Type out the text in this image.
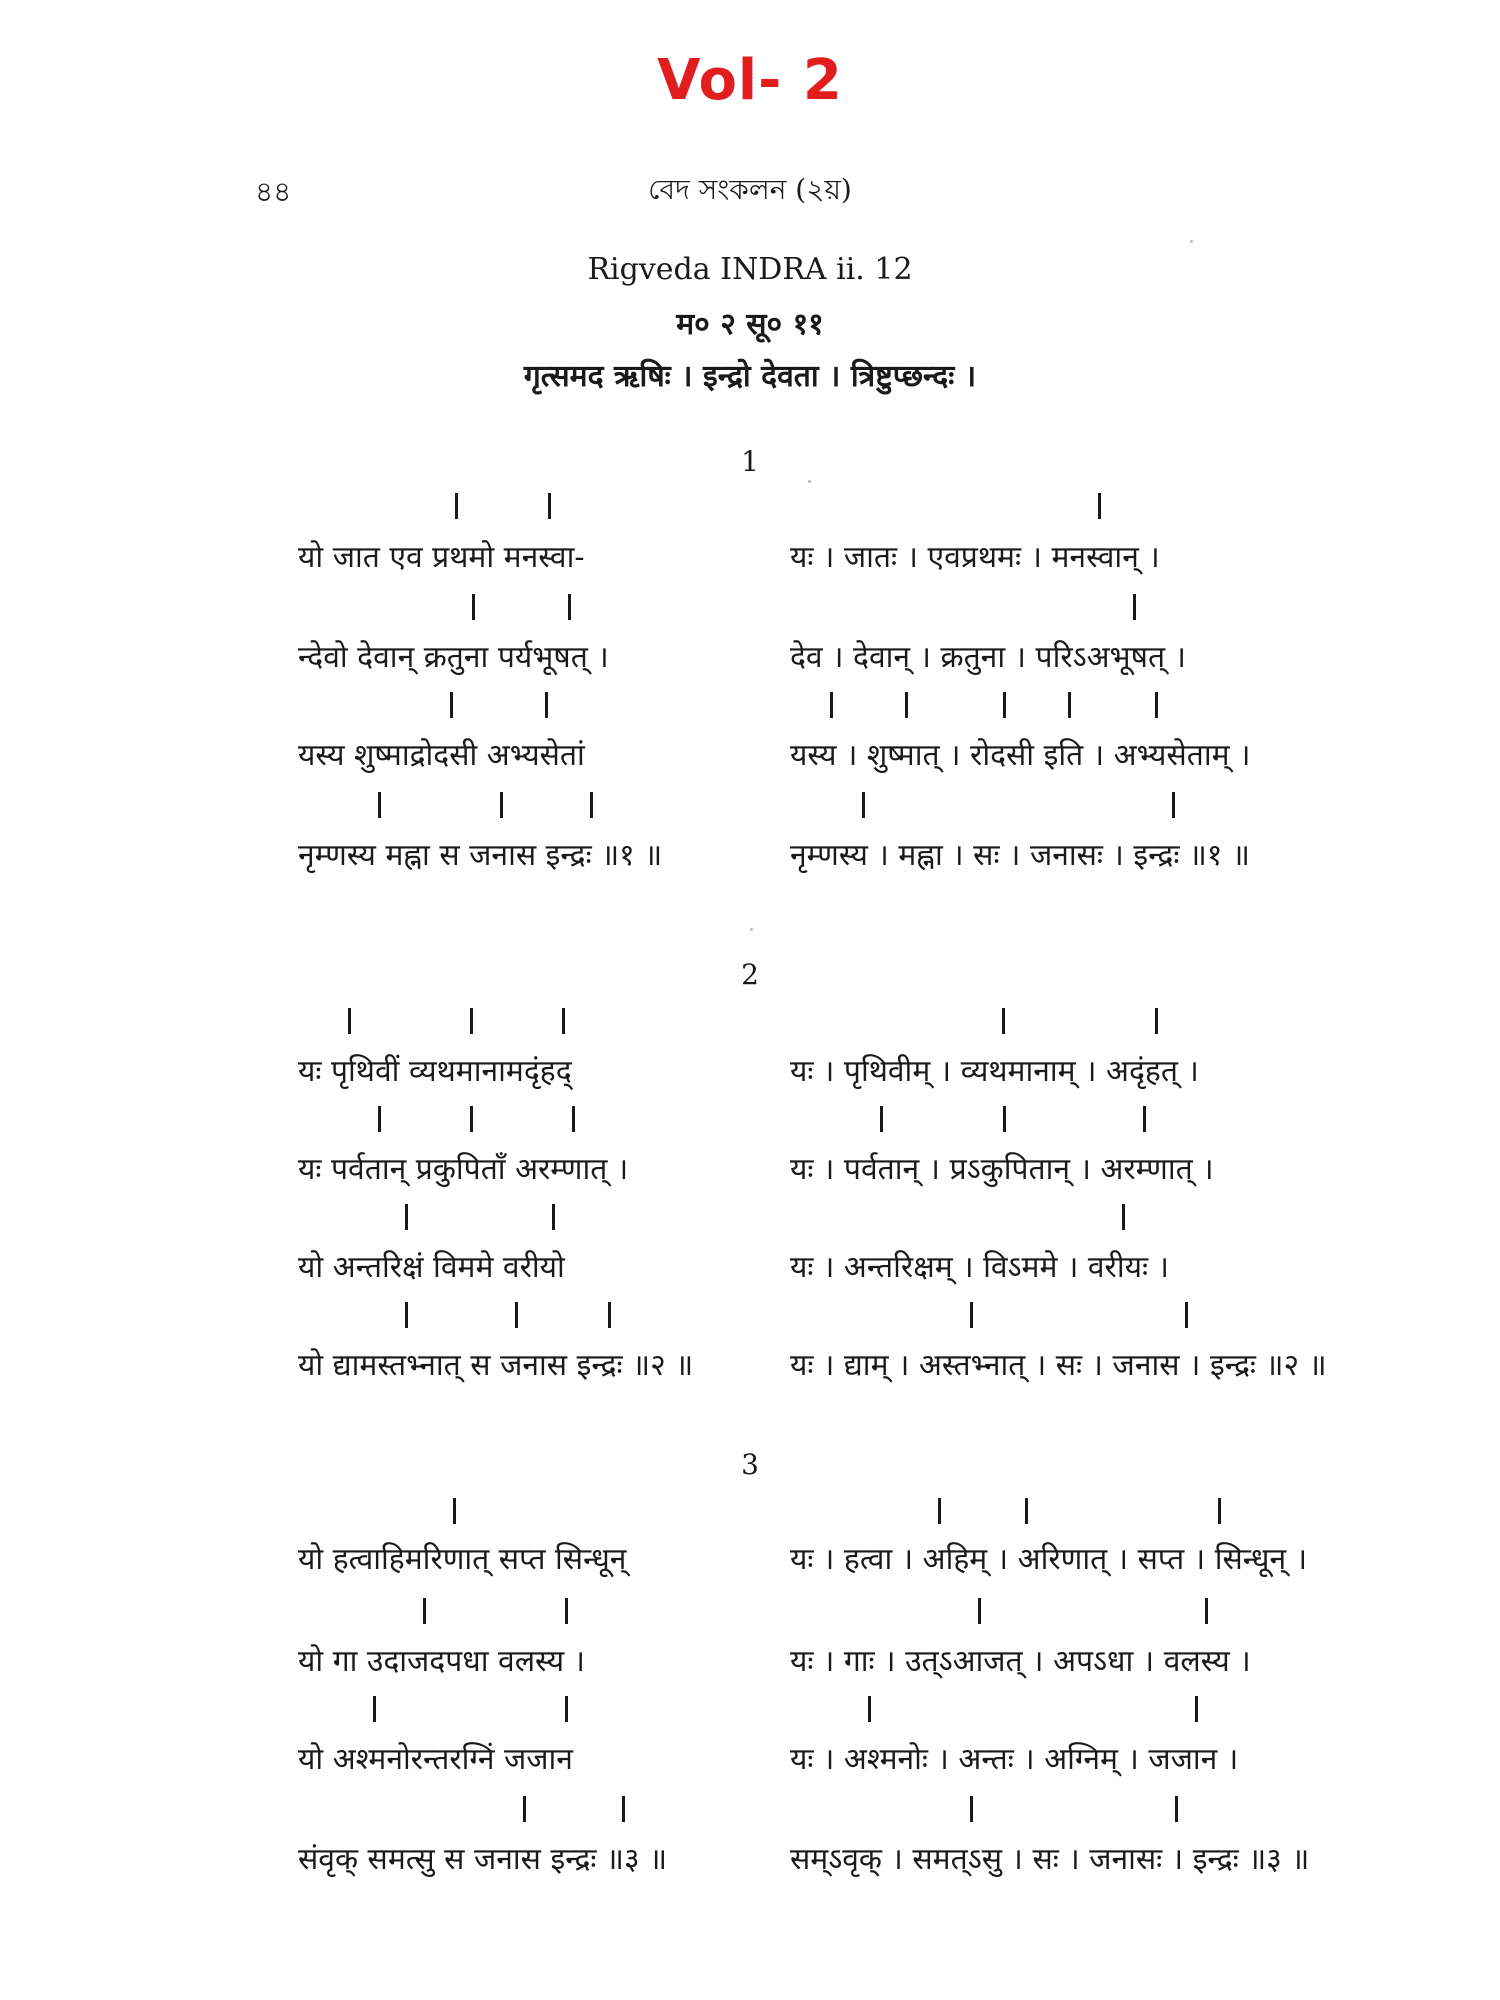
Vol- 2
৪৪	বেদ সংকলন (২য়)
Rigveda INDRA ii. 12
म० २ सू० ११
गृत्समद ऋषिः । इन्द्रो देवता । त्रिष्टुप्छन्दः ।
1
यो जात एव प्रथमो मनस्वा-
न्देवो देवान् क्रतुना पर्यभूषत् ।
यस्य शुष्माद्रोदसी अभ्यसेतां
नृम्णस्य मह्ना स जनास इन्द्रः ॥१ ॥
यः । जातः । एवप्रथमः । मनस्वान् ।
देव । देवान् । क्रतुना । परिऽअभूषत् ।
यस्य । शुष्मात् । रोदसी इति । अभ्यसेताम् ।
नृम्णस्य । मह्ना । सः । जनासः । इन्द्रः ॥१ ॥
2
यः पृथिवीं व्यथमानामदृंहद्
यः पर्वतान् प्रकुपिताँ अरम्णात् ।
यो अन्तरिक्षं विममे वरीयो
यो द्यामस्तभ्नात् स जनास इन्द्रः ॥२ ॥
यः । पृथिवीम् । व्यथमानाम् । अदृंहत् ।
यः । पर्वतान् । प्रऽकुपितान् । अरम्णात् ।
यः । अन्तरिक्षम् । विऽममे । वरीयः ।
यः । द्याम् । अस्तभ्नात् । सः । जनास । इन्द्रः ॥२ ॥
3
यो हत्वाहिमरिणात् सप्त सिन्धून्
यो गा उदाजदपधा वलस्य ।
यो अश्मनोरन्तरग्निं जजान
संवृक् समत्सु स जनास इन्द्रः ॥३ ॥
यः । हत्वा । अहिम् । अरिणात् । सप्त । सिन्धून् ।
यः । गाः । उत्ऽआजत् । अपऽधा । वलस्य ।
यः । अश्मनोः । अन्तः । अग्निम् । जजान ।
सम्ऽवृक् । समत्ऽसु । सः । जनासः । इन्द्रः ॥३ ॥
